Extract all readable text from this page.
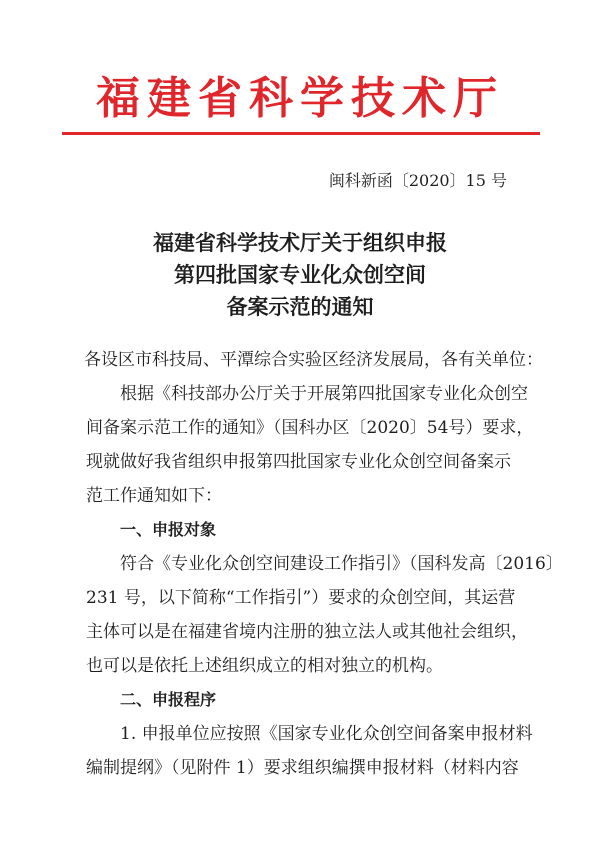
福建省科学技术厅
闽科新函〔2020〕15 号
福建省科学技术厅关于组织申报
第四批国家专业化众创空间
备案示范的通知
各设区市科技局、平潭综合实验区经济发展局，各有关单位：
根据《科技部办公厅关于开展第四批国家专业化众创空
间备案示范工作的通知》（国科办区〔2020〕54号）要求，
现就做好我省组织申报第四批国家专业化众创空间备案示
范工作通知如下：
一、申报对象
符合《专业化众创空间建设工作指引》（国科发高〔2016〕
231 号，以下简称“工作指引”）要求的众创空间，其运营
主体可以是在福建省境内注册的独立法人或其他社会组织，
也可以是依托上述组织成立的相对独立的机构。
二、申报程序
1. 申报单位应按照《国家专业化众创空间备案申报材料
编制提纲》（见附件 1）要求组织编撰申报材料（材料内容
